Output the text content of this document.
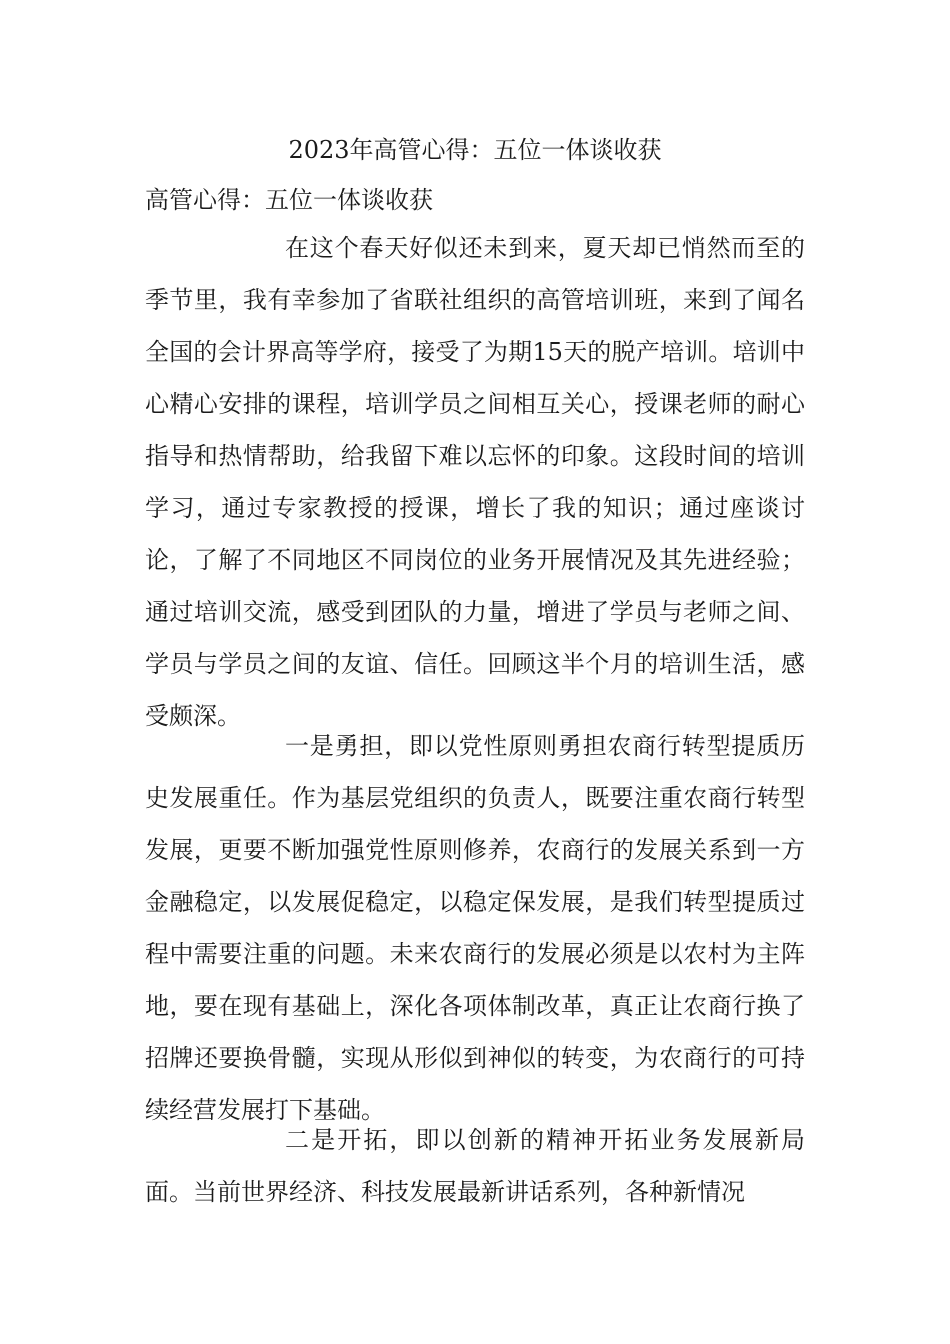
2023年高管心得：五位一体谈收获

高管心得：五位一体谈收获

在这个春天好似还未到来，夏天却已悄然而至的季节里，我有幸参加了省联社组织的高管培训班，来到了闻名全国的会计界高等学府，接受了为期15天的脱产培训。培训中心精心安排的课程，培训学员之间相互关心，授课老师的耐心指导和热情帮助，给我留下难以忘怀的印象。这段时间的培训学习，通过专家教授的授课，增长了我的知识；通过座谈讨论，了解了不同地区不同岗位的业务开展情况及其先进经验；通过培训交流，感受到团队的力量，增进了学员与老师之间、学员与学员之间的友谊、信任。回顾这半个月的培训生活，感受颇深。

一是勇担，即以党性原则勇担农商行转型提质历史发展重任。作为基层党组织的负责人，既要注重农商行转型发展，更要不断加强党性原则修养，农商行的发展关系到一方金融稳定，以发展促稳定，以稳定保发展，是我们转型提质过程中需要注重的问题。未来农商行的发展必须是以农村为主阵地，要在现有基础上，深化各项体制改革，真正让农商行换了招牌还要换骨髓，实现从形似到神似的转变，为农商行的可持续经营发展打下基础。

二是开拓，即以创新的精神开拓业务发展新局面。当前世界经济、科技发展最新讲话系列，各种新情况
